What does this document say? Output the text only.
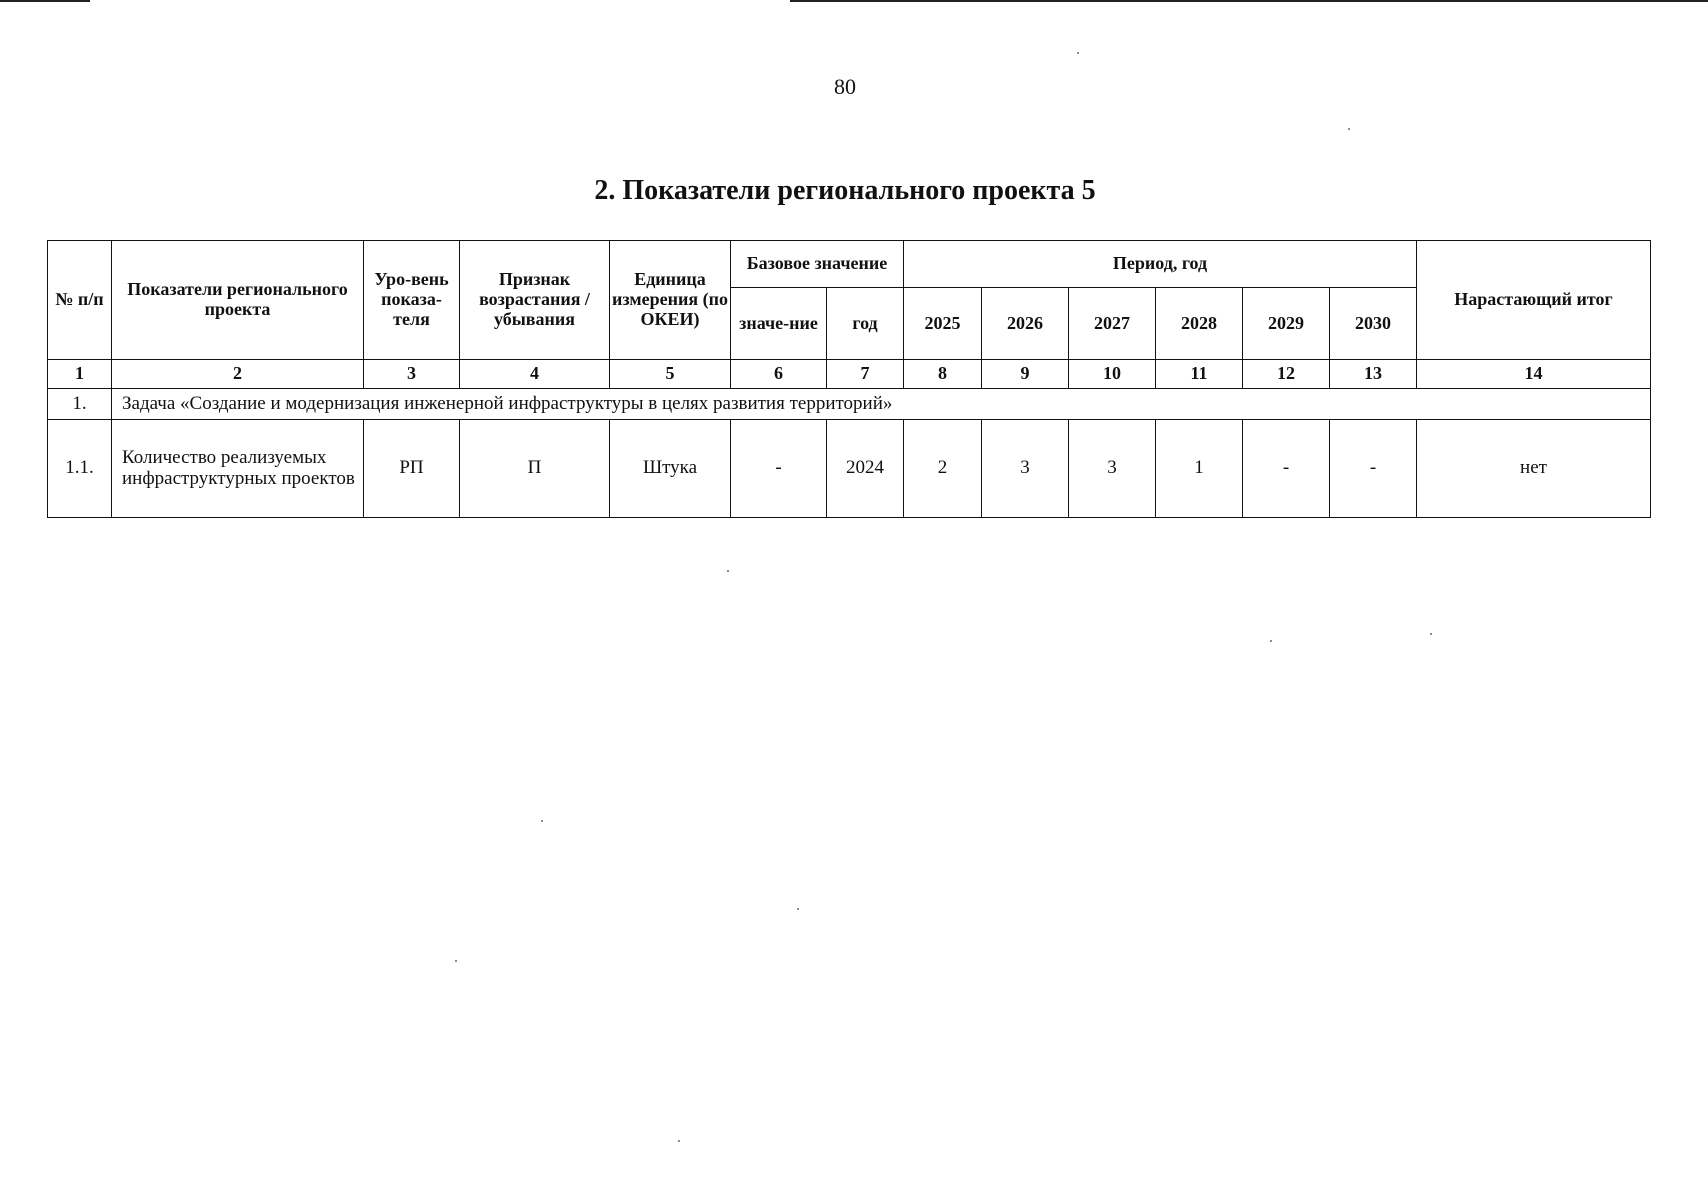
80
2. Показатели регионального проекта 5
№ п/п	Показатели регионального проекта	Уро-вень показа-теля	Признак возрастания / убывания	Единица измерения (по ОКЕИ)	Базовое значение		Период, год						Нарастающий итог
					значе-ние	год	2025	2026	2027	2028	2029	2030	
1	2	3	4	5	6	7	8	9	10	11	12	13	14
1.	Задача «Создание и модернизация инженерной инфраструктуры в целях развития территорий»												
1.1.	Количество реализуемых инфраструктурных проектов	РП	П	Штука	-	2024	2	3	3	1	-	-	нет
